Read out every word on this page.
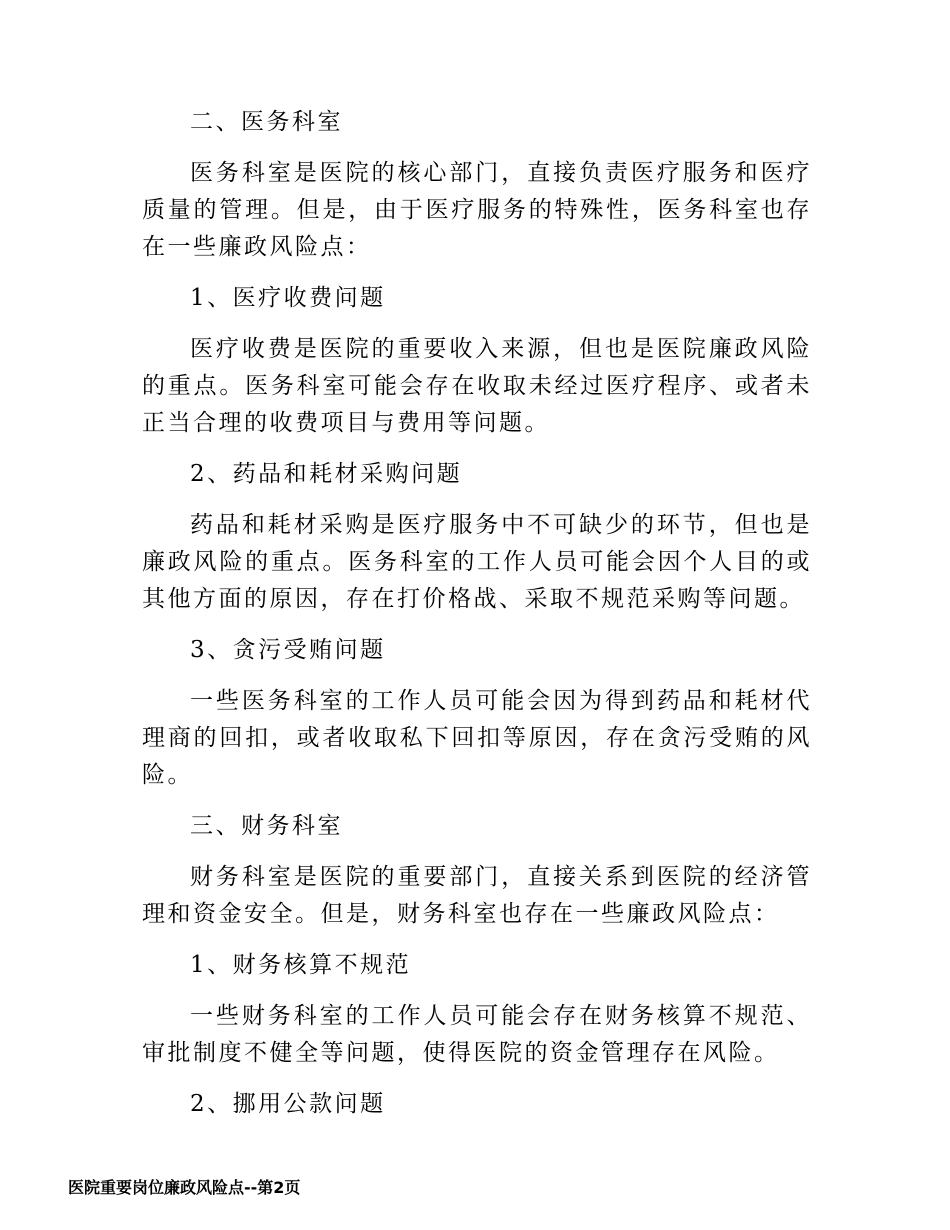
二、医务科室
医务科室是医院的核心部门，直接负责医疗服务和医疗质量的管理。但是，由于医疗服务的特殊性，医务科室也存在一些廉政风险点：
1、医疗收费问题
医疗收费是医院的重要收入来源，但也是医院廉政风险的重点。医务科室可能会存在收取未经过医疗程序、或者未正当合理的收费项目与费用等问题。
2、药品和耗材采购问题
药品和耗材采购是医疗服务中不可缺少的环节，但也是廉政风险的重点。医务科室的工作人员可能会因个人目的或其他方面的原因，存在打价格战、采取不规范采购等问题。
3、贪污受贿问题
一些医务科室的工作人员可能会因为得到药品和耗材代理商的回扣，或者收取私下回扣等原因，存在贪污受贿的风险。
三、财务科室
财务科室是医院的重要部门，直接关系到医院的经济管理和资金安全。但是，财务科室也存在一些廉政风险点：
1、财务核算不规范
一些财务科室的工作人员可能会存在财务核算不规范、审批制度不健全等问题，使得医院的资金管理存在风险。
2、挪用公款问题
医院重要岗位廉政风险点--第2页
